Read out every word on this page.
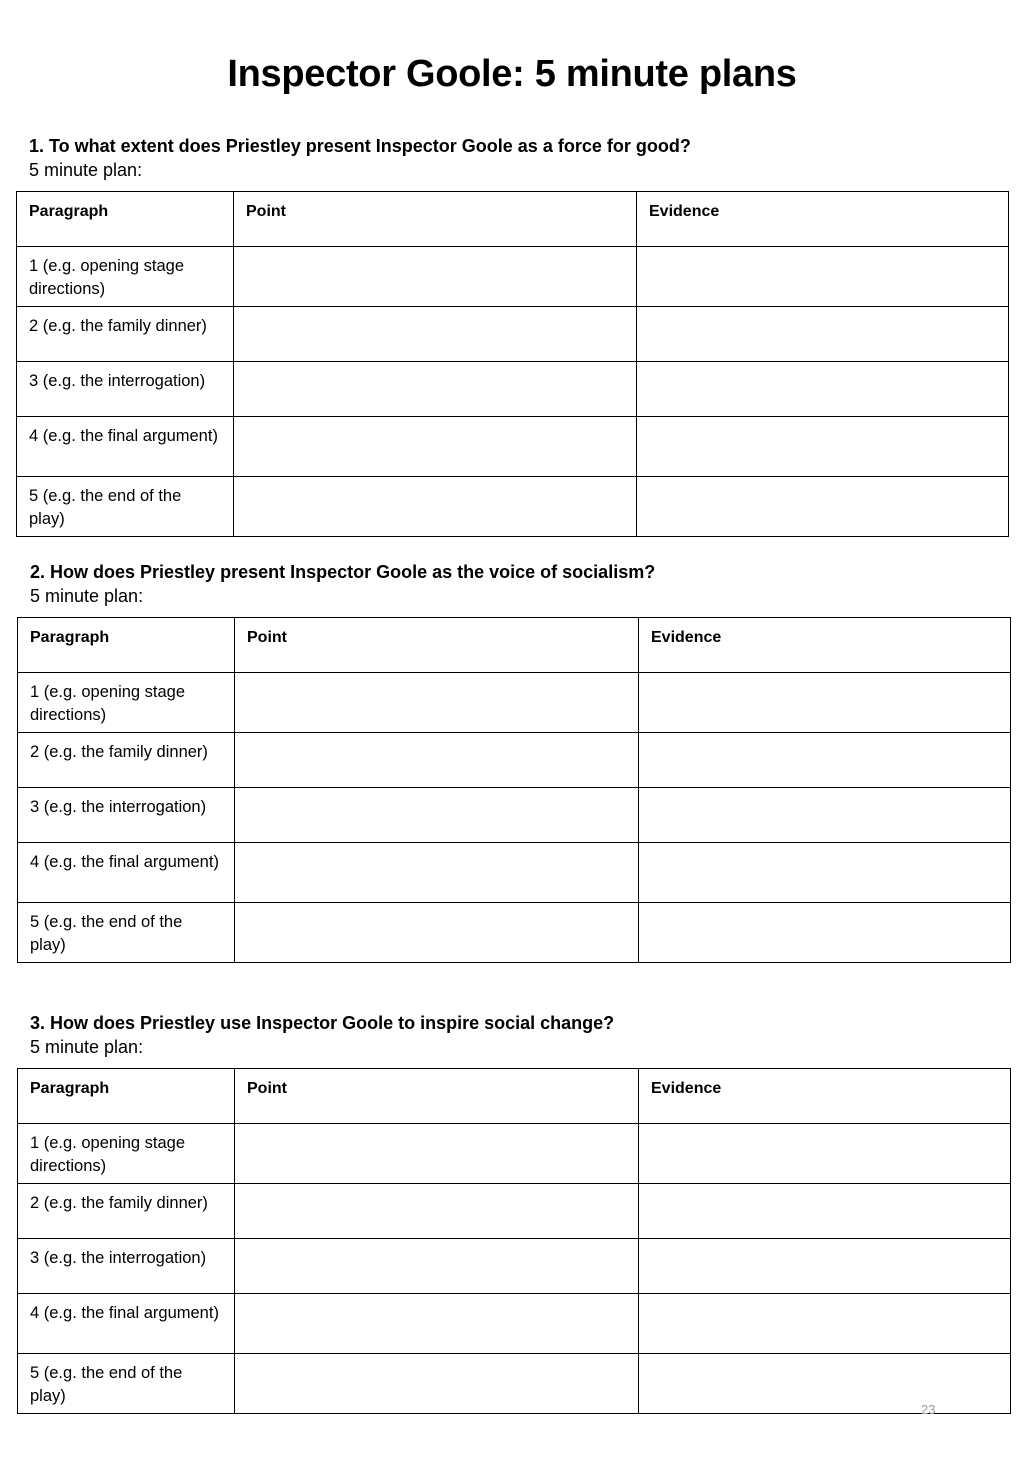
Inspector Goole: 5 minute plans
1. To what extent does Priestley present Inspector Goole as a force for good?
5 minute plan:
Paragraph	Point	Evidence
1 (e.g. opening stage directions)		
2 (e.g. the family dinner)		
3 (e.g. the interrogation)		
4 (e.g. the final argument)		
5 (e.g. the end of the play)		
2. How does Priestley present Inspector Goole as the voice of socialism?
5 minute plan:
Paragraph	Point	Evidence
1 (e.g. opening stage directions)		
2 (e.g. the family dinner)		
3 (e.g. the interrogation)		
4 (e.g. the final argument)		
5 (e.g. the end of the play)		
3. How does Priestley use Inspector Goole to inspire social change?
5 minute plan:
Paragraph	Point	Evidence
1 (e.g. opening stage directions)		
2 (e.g. the family dinner)		
3 (e.g. the interrogation)		
4 (e.g. the final argument)		
5 (e.g. the end of the play)		
23
